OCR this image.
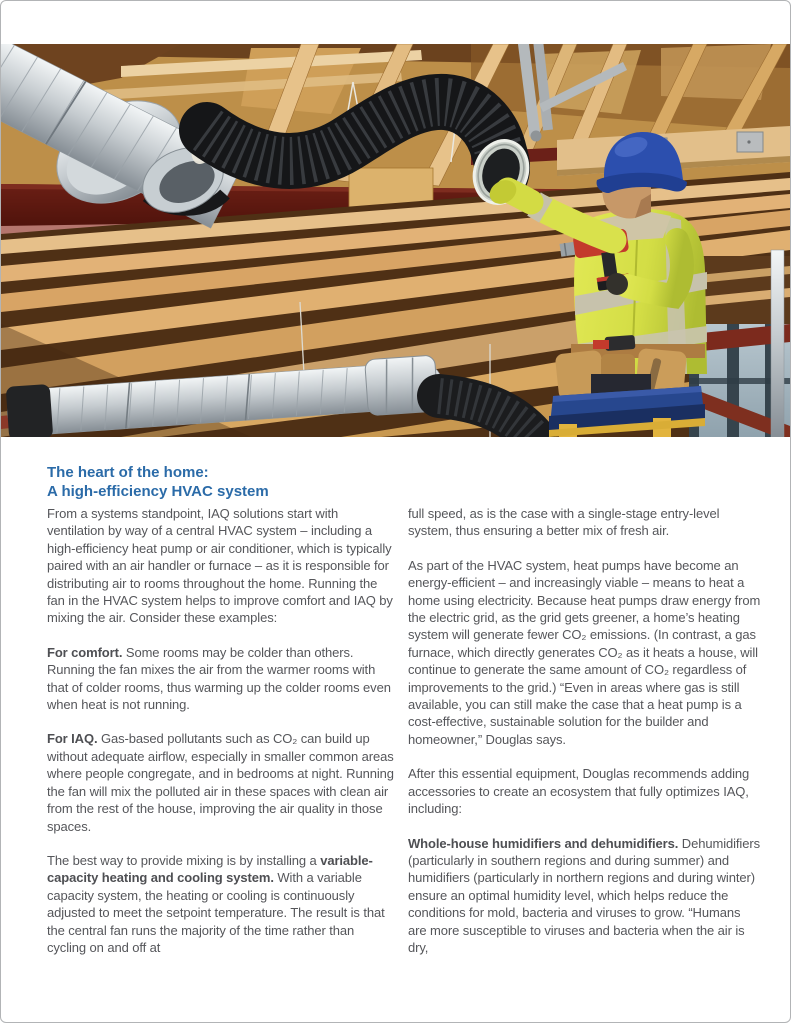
The heart of the home:
A high-efficiency HVAC system

From a systems standpoint, IAQ solutions start with ventilation by way of a central HVAC system – including a high-efficiency heat pump or air conditioner, which is typically paired with an air handler or furnace – as it is responsible for distributing air to rooms throughout the home. Running the fan in the HVAC system helps to improve comfort and IAQ by mixing the air. Consider these examples:

For comfort. Some rooms may be colder than others. Running the fan mixes the air from the warmer rooms with that of colder rooms, thus warming up the colder rooms even when heat is not running.

For IAQ. Gas-based pollutants such as CO₂ can build up without adequate airflow, especially in smaller common areas where people congregate, and in bedrooms at night. Running the fan will mix the polluted air in these spaces with clean air from the rest of the house, improving the air quality in those spaces.

The best way to provide mixing is by installing a variable-capacity heating and cooling system. With a variable capacity system, the heating or cooling is continuously adjusted to meet the setpoint temperature. The result is that the central fan runs the majority of the time rather than cycling on and off at

full speed, as is the case with a single-stage entry-level system, thus ensuring a better mix of fresh air.

As part of the HVAC system, heat pumps have become an energy-efficient – and increasingly viable – means to heat a home using electricity. Because heat pumps draw energy from the electric grid, as the grid gets greener, a home’s heating system will generate fewer CO₂ emissions. (In contrast, a gas furnace, which directly generates CO₂ as it heats a house, will continue to generate the same amount of CO₂ regardless of improvements to the grid.) “Even in areas where gas is still available, you can still make the case that a heat pump is a cost-effective, sustainable solution for the builder and homeowner,” Douglas says.

After this essential equipment, Douglas recommends adding accessories to create an ecosystem that fully optimizes IAQ, including:

Whole-house humidifiers and dehumidifiers. Dehumidifiers (particularly in southern regions and during summer) and humidifiers (particularly in northern regions and during winter) ensure an optimal humidity level, which helps reduce the conditions for mold, bacteria and viruses to grow. “Humans are more susceptible to viruses and bacteria when the air is dry,
